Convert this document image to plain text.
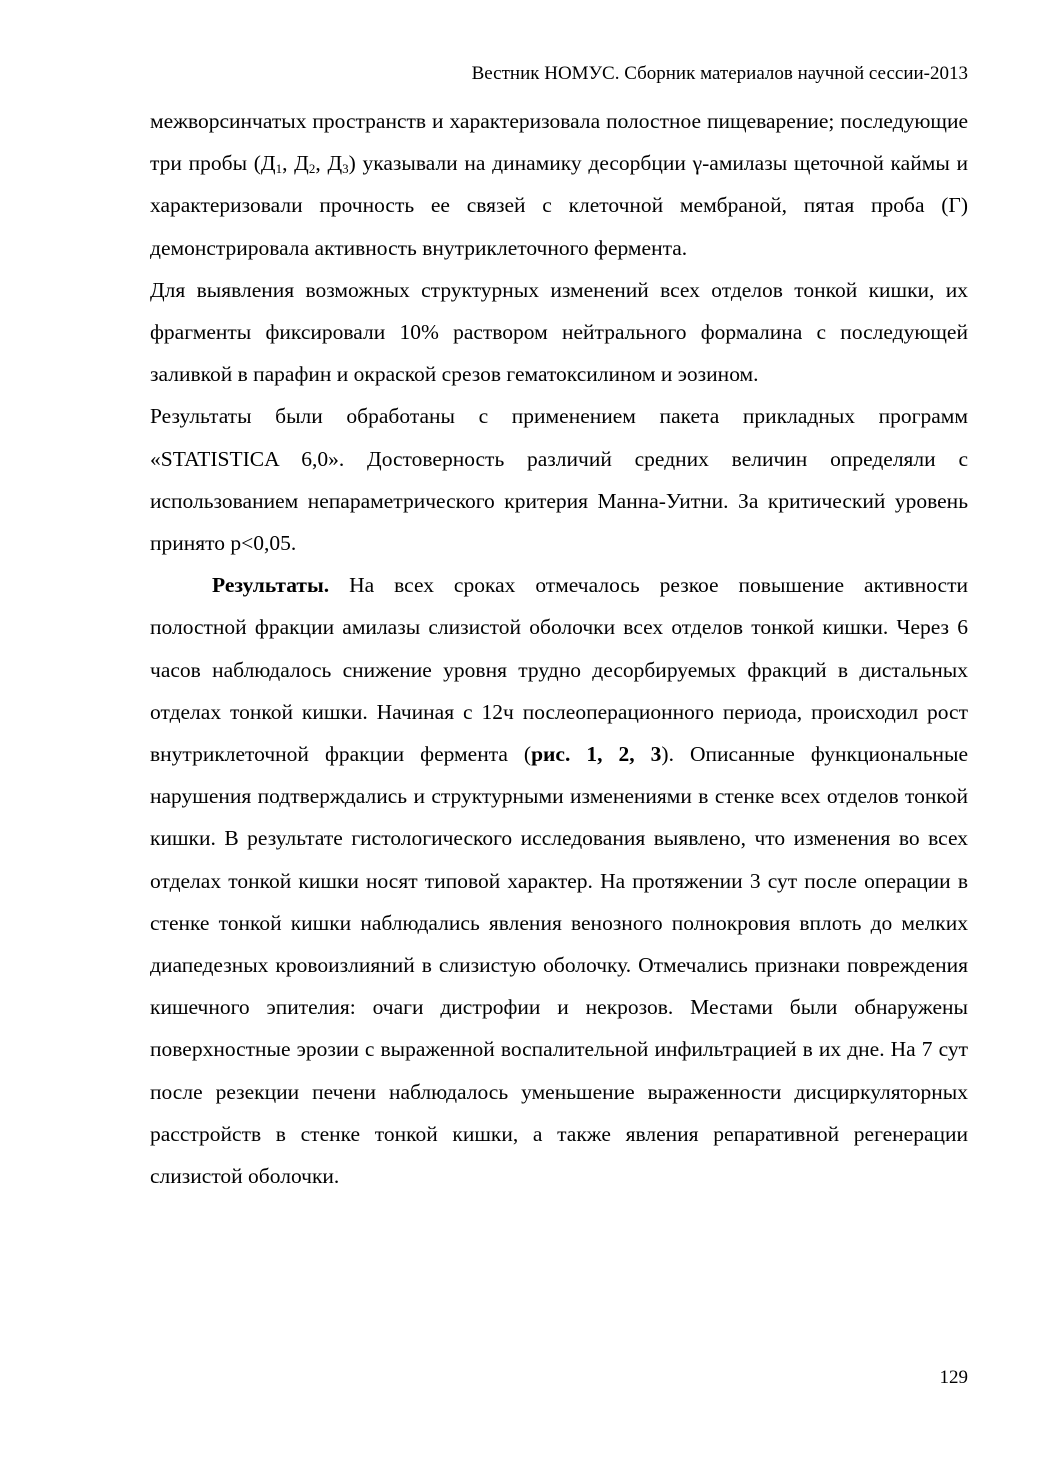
Вестник НОМУС. Сборник материалов научной сессии-2013

межворсинчатых пространств и характеризовала полостное пищеварение; последующие три пробы ($Д_1$, $Д_2$, $Д_3$) указывали на динамику десорбции γ-амилазы щеточной каймы и характеризовали прочность ее связей с клеточной мембраной, пятая проба (Г) демонстрировала активность внутриклеточного фермента.

Для выявления возможных структурных изменений всех отделов тонкой кишки, их фрагменты фиксировали 10% раствором нейтрального формалина с последующей заливкой в парафин и окраской срезов гематоксилином и эозином.

Результаты были обработаны с применением пакета прикладных программ «STATISTICA 6,0». Достоверность различий средних величин определяли с использованием непараметрического критерия Манна-Уитни. За критический уровень принято p<0,05.

Результаты. На всех сроках отмечалось резкое повышение активности полостной фракции амилазы слизистой оболочки всех отделов тонкой кишки. Через 6 часов наблюдалось снижение уровня трудно десорбируемых фракций в дистальных отделах тонкой кишки. Начиная с 12ч послеоперационного периода, происходил рост внутриклеточной фракции фермента (рис. 1, 2, 3). Описанные функциональные нарушения подтверждались и структурными изменениями в стенке всех отделов тонкой кишки. В результате гистологического исследования выявлено, что изменения во всех отделах тонкой кишки носят типовой характер. На протяжении 3 сут после операции в стенке тонкой кишки наблюдались явления венозного полнокровия вплоть до мелких диапедезных кровоизлияний в слизистую оболочку. Отмечались признаки повреждения кишечного эпителия: очаги дистрофии и некрозов. Местами были обнаружены поверхностные эрозии с выраженной воспалительной инфильтрацией в их дне. На 7 сут после резекции печени наблюдалось уменьшение выраженности дисциркуляторных расстройств в стенке тонкой кишки, а также явления репаративной регенерации слизистой оболочки.

129
